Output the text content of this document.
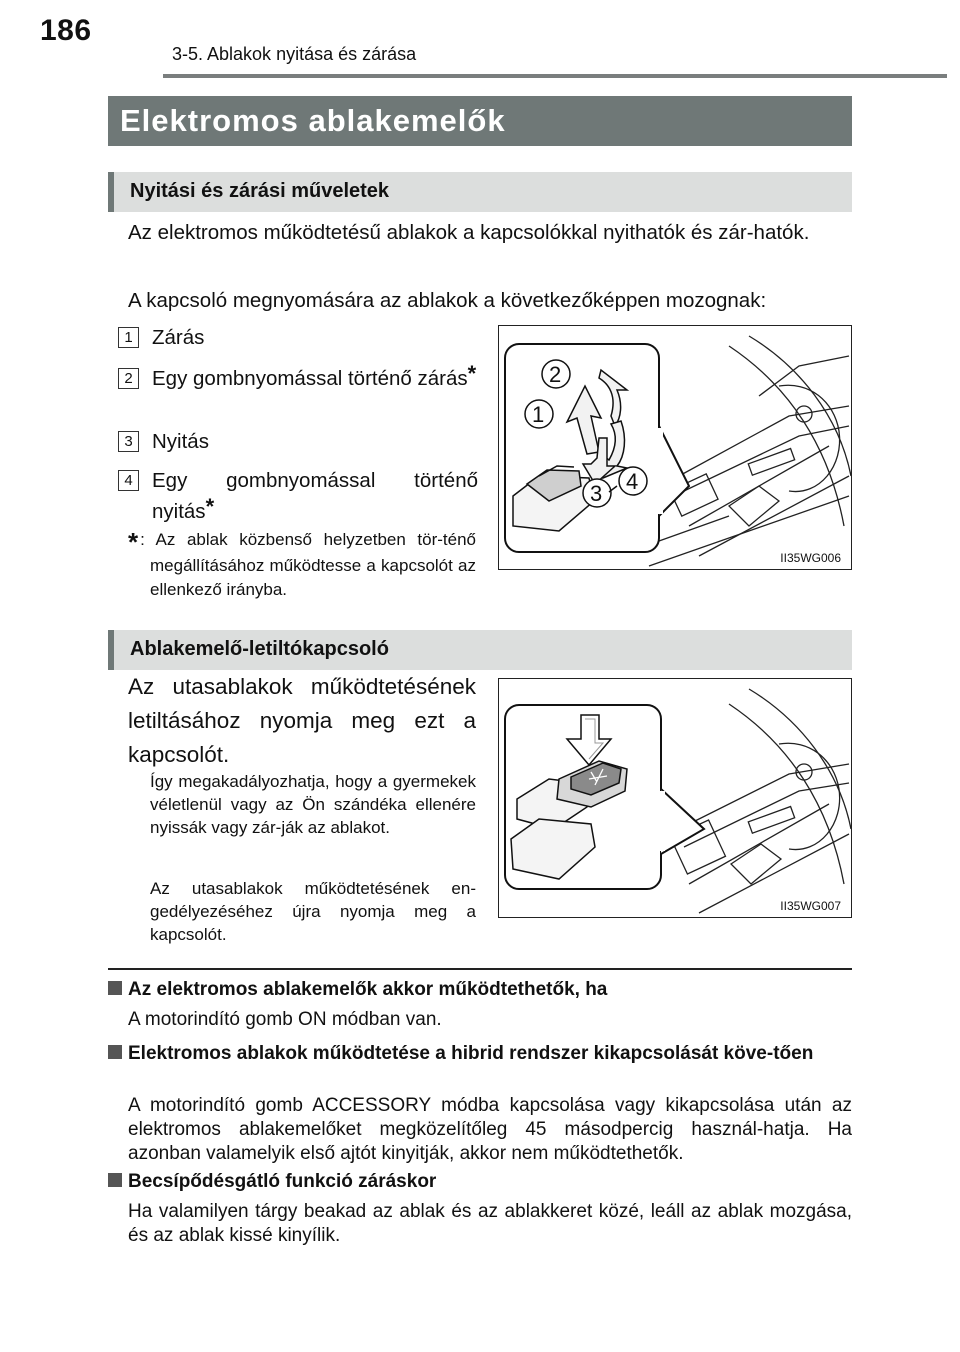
186
3-5. Ablakok nyitása és zárása
Elektromos ablakemelők
Nyitási és zárási műveletek
Az elektromos működtetésű ablakok a kapcsolókkal nyithatók és zár-hatók.
A kapcsoló megnyomására az ablakok a következőképpen mozognak:
1 Zárás
2 Egy gombnyomással történő zárás*
3 Nyitás
4 Egy gombnyomással történő nyitás*
* : Az ablak közbenső helyzetben tör-ténő megállításához működtesse a kapcsolót az ellenkező irányba.
2
1
3 4
II35WG006
Ablakemelő-letiltókapcsoló
Az utasablakok működtetésének letiltásához nyomja meg ezt a kapcsolót.
Így megakadályozhatja, hogy a gyermekek véletlenül vagy az Ön szándéka ellenére nyissák vagy zár-ják az ablakot.
Az utasablakok működtetésének en-gedélyezéséhez újra nyomja meg a kapcsolót.
II35WG007
Az elektromos ablakemelők akkor működtethetők, ha
A motorindító gomb ON módban van.
Elektromos ablakok működtetése a hibrid rendszer kikapcsolását köve-tően
A motorindító gomb ACCESSORY módba kapcsolása vagy kikapcsolása után az elektromos ablakemelőket megközelítőleg 45 másodpercig használ-hatja. Ha azonban valamelyik első ajtót kinyitják, akkor nem működtethetők.
Becsípődésgátló funkció záráskor
Ha valamilyen tárgy beakad az ablak és az ablakkeret közé, leáll az ablak mozgása, és az ablak kissé kinyílik.
